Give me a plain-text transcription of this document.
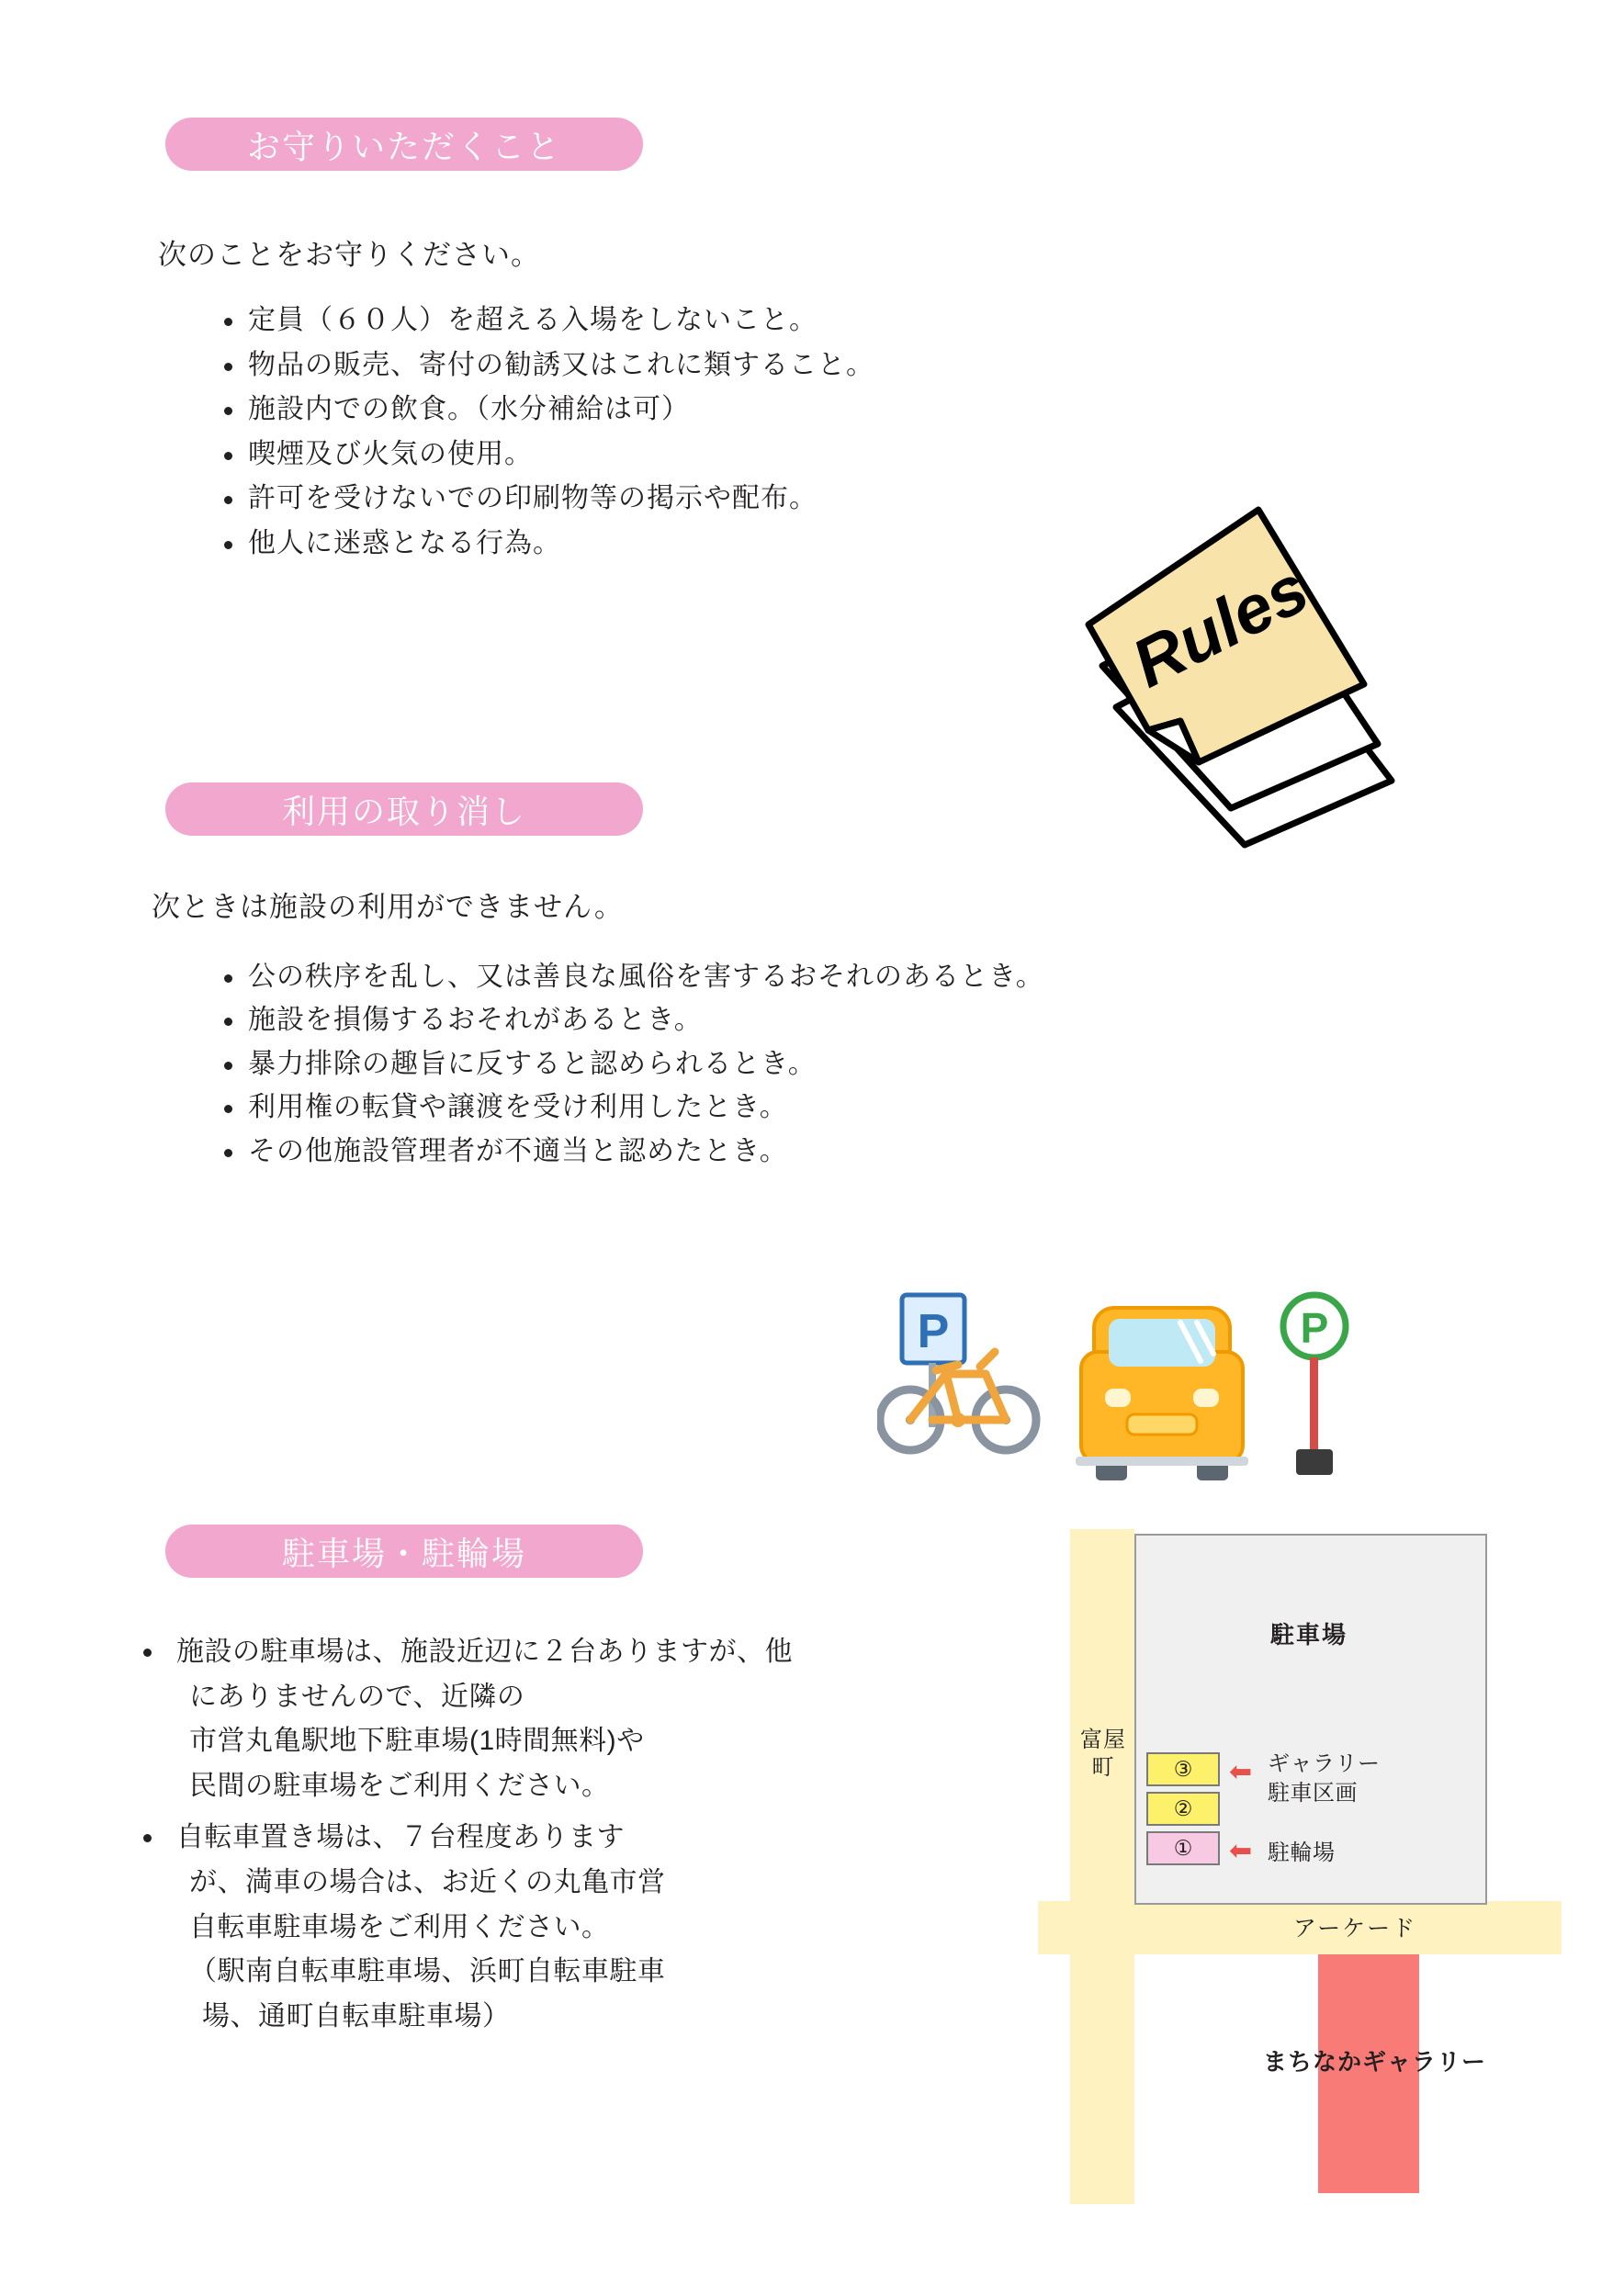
お守りいただくこと
次のことをお守りください。
定員（６０人）を超える入場をしないこと。
物品の販売、寄付の勧誘又はこれに類すること。
施設内での飲食。（水分補給は可）
喫煙及び火気の使用。
許可を受けないでの印刷物等の掲示や配布。
他人に迷惑となる行為。
Rules
利用の取り消し
次ときは施設の利用ができません。
公の秩序を乱し、又は善良な風俗を害するおそれのあるとき。
施設を損傷するおそれがあるとき。
暴力排除の趣旨に反すると認められるとき。
利用権の転貸や譲渡を受け利用したとき。
その他施設管理者が不適当と認めたとき。
P	P
駐車場・駐輪場
施設の駐車場は、施設近辺に２台ありますが、他
にありませんので、近隣の
市営丸亀駅地下駐車場(1時間無料)や
民間の駐車場をご利用ください。
自転車置き場は、７台程度あります
が、満車の場合は、お近くの丸亀市営
自転車駐車場をご利用ください。
（駅南自転車駐車場、浜町自転車駐車
場、通町自転車駐車場）
駐車場
富屋町	③
②
①
⬅
⬅
ギャラリー
駐車区画
駐輪場
アーケード
まちなかギャラリー
